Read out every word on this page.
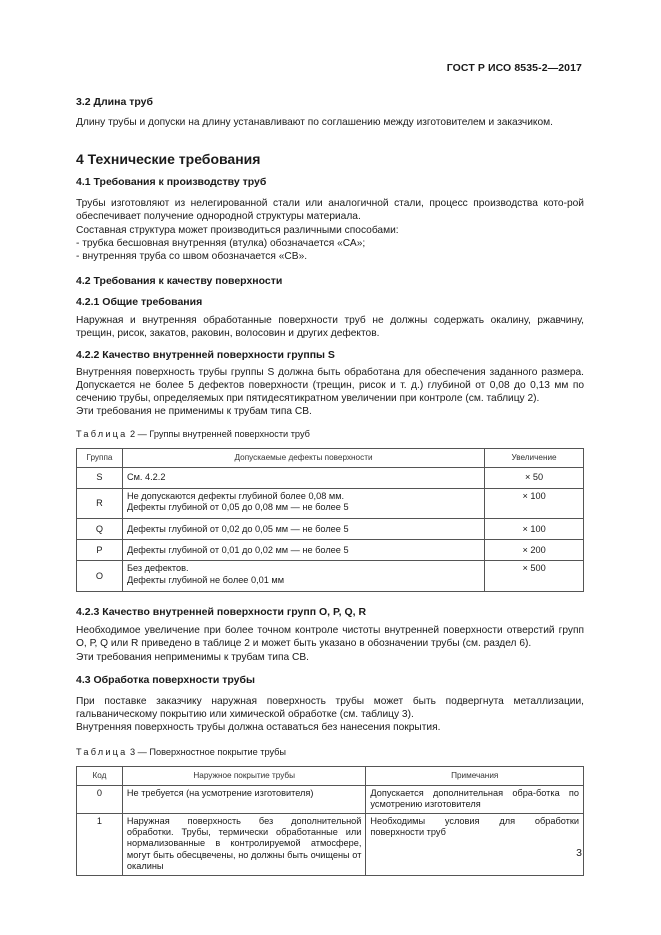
ГОСТ Р ИСО 8535-2—2017
3.2 Длина труб

Длину трубы и допуски на длину устанавливают по соглашению между изготовителем и заказчиком.

4 Технические требования
4.1 Требования к производству труб

Трубы изготовляют из нелегированной стали или аналогичной стали, процесс производства кото-рой обеспечивает получение однородной структуры материала.

Составная структура может производиться различными способами:

- трубка бесшовная внутренняя (втулка) обозначается «СА»;

- внутренняя труба со швом обозначается «СВ».

4.2 Требования к качеству поверхности
4.2.1 Общие требования

Наружная и внутренняя обработанные поверхности труб не должны содержать окалину, ржавчину, трещин, рисок, закатов, раковин, волосовин и других дефектов.

4.2.2 Качество внутренней поверхности группы S

Внутренняя поверхность трубы группы S должна быть обработана для обеспечения заданного размера. Допускается не более 5 дефектов поверхности (трещин, рисок и т. д.) глубиной от 0,08 до 0,13 мм по сечению трубы, определяемых при пятидесятикратном увеличении при контроле (см. таблицу 2).

Эти требования не применимы к трубам типа СВ.

Таблица 2 — Группы внутренней поверхности труб

Группа	Допускаемые дефекты поверхности	Увеличение
S	См. 4.2.2	× 50
R	Не допускаются дефекты глубиной более 0,08 мм.
Дефекты глубиной от 0,05 до 0,08 мм — не более 5	× 100
Q	Дефекты глубиной от 0,02 до 0,05 мм — не более 5	× 100
P	Дефекты глубиной от 0,01 до 0,02 мм — не более 5	× 200
O	Без дефектов.
Дефекты глубиной не более 0,01 мм	× 500
4.2.3 Качество внутренней поверхности групп O, P, Q, R

Необходимое увеличение при более точном контроле чистоты внутренней поверхности отверстий групп О, Р, Q или R приведено в таблице 2 и может быть указано в обозначении трубы (см. раздел 6).

Эти требования неприменимы к трубам типа СВ.

4.3 Обработка поверхности трубы

При поставке заказчику наружная поверхность трубы может быть подвергнута металлизации, гальваническому покрытию или химической обработке (см. таблицу 3).

Внутренняя поверхность трубы должна оставаться без нанесения покрытия.

Таблица 3 — Поверхностное покрытие трубы

Код	Наружное покрытие трубы	Примечания
0	Не требуется (на усмотрение изготовителя)	Допускается дополнительная обра-ботка по усмотрению изготовителя
1	Наружная поверхность без дополнительной обработки. Трубы, термически обработанные или нормализованные в контролируемой атмосфере, могут быть обесцвечены, но должны быть очищены от окалины	Необходимы условия для обработки поверхности труб
3
